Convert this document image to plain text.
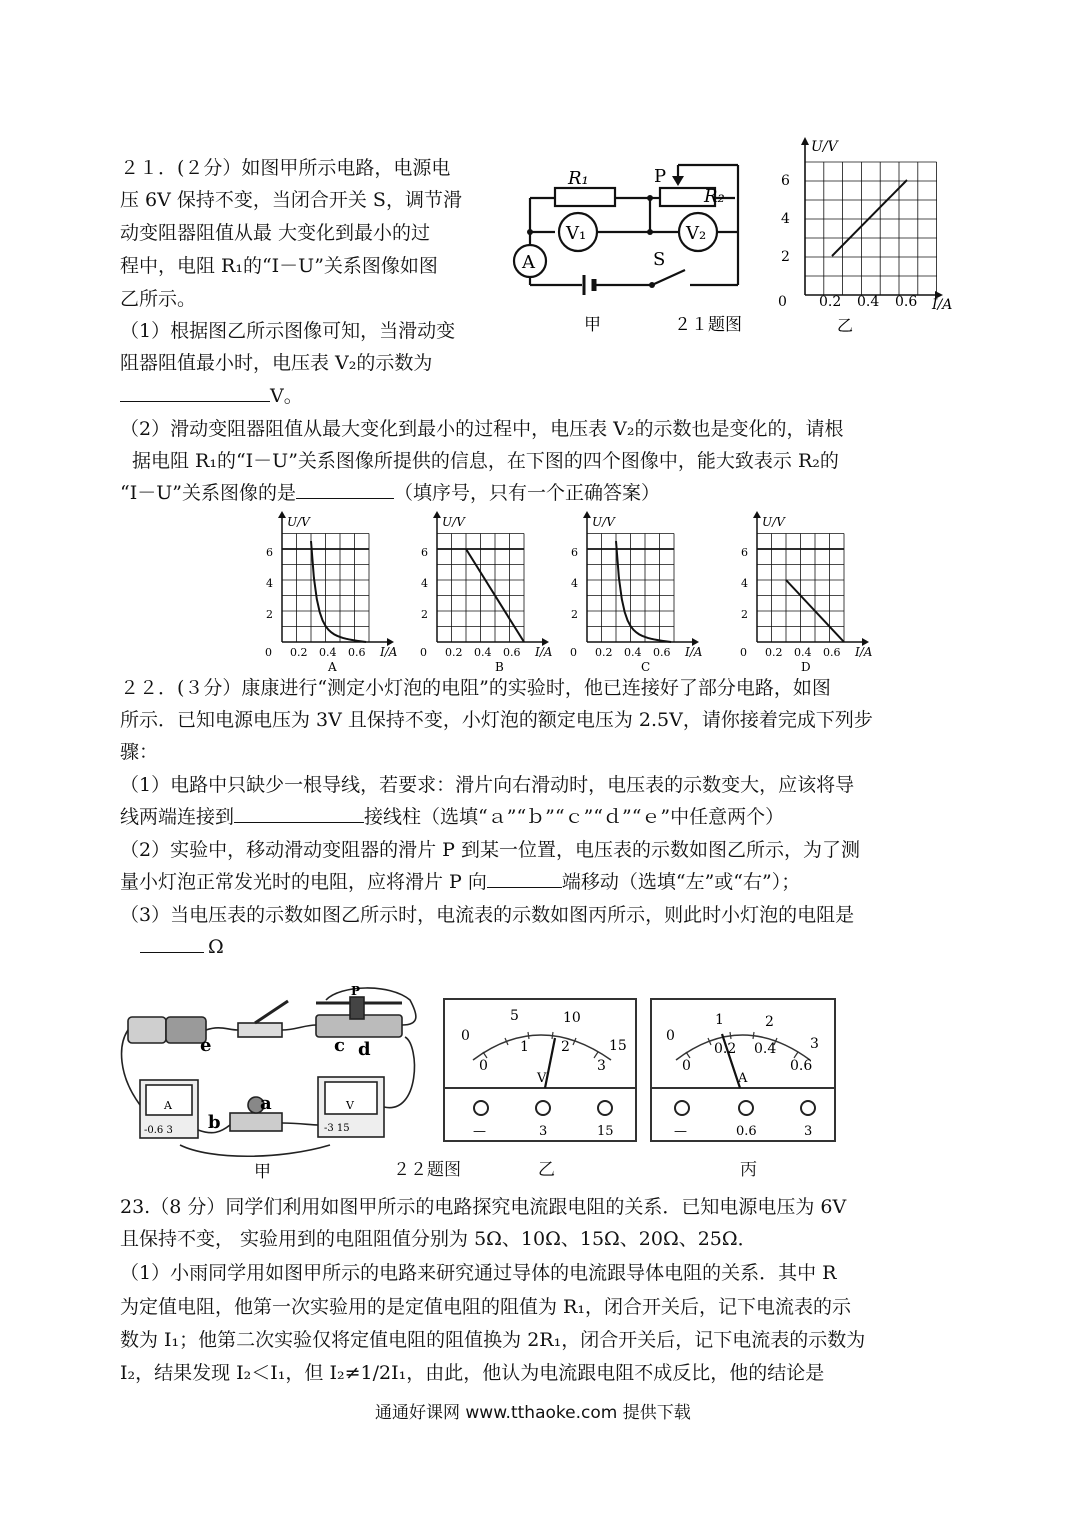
２１．(２分）如图甲所示电路，电源电
压 6V 保持不变，当闭合开关 S，调节滑
动变阻器阻值从最 大变化到最小的过
程中，电阻 R₁的“I－U”关系图像如图
乙所示。
（1）根据图乙所示图像可知，当滑动变
阻器阻值最小时，电压表 V₂的示数为
V。
（2）滑动变阻器阻值从最大变化到最小的过程中，电压表 V₂的示数也是变化的，请根
据电阻 R₁的“I－U”关系图像所提供的信息，在下图的四个图像中，能大致表示 R₂的
“I－U”关系图像的是	（填序号，只有一个正确答案）
A
R₁	P
R₂
V₁	V₂
S
甲	２１题图
U/V
I/A
0 0.2 0.4 0.6
2
4
6
乙
U/V
I/A
0 0.2 0.4 0.6
2
4
6
A
U/V
I/A
0 0.2 0.4 0.6
2
4
6
B
U/V
I/A
0 0.2 0.4 0.6
2
4
6
C
U/V
I/A
0 0.2 0.4 0.6
2
4
6
D
２２．(３分）康康进行“测定小灯泡的电阻”的实验时，他已连接好了部分电路，如图
所示．已知电源电压为 3V 且保持不变，小灯泡的额定电压为 2.5V，请你接着完成下列步
骤：
（1）电路中只缺少一根导线，若要求：滑片向右滑动时，电压表的示数变大，应该将导
线两端连接到	接线柱（选填“ａ”“ｂ”“ｃ”“ｄ”“ｅ”中任意两个）
（2）实验中，移动滑动变阻器的滑片 P 到某一位置，电压表的示数如图乙所示，为了测
量小灯泡正常发光时的电阻，应将滑片 P 向	端移动（选填“左”或“右”）；
（3）当电压表的示数如图乙所示时，电流表的示数如图丙所示，则此时小灯泡的电阻是
Ω
e	c d
b
a
P
A
-0.6 3
V
-3 15
甲	２２题图
0
5	10
15
0
1 2
3
V
—	3	15
乙
0
1	2
3
0
0.2 0.4
0.6
A
—	0.6	3
丙
23.（8 分）同学们利用如图甲所示的电路探究电流跟电阻的关系．已知电源电压为 6V
且保持不变， 实验用到的电阻阻值分别为 5Ω、10Ω、15Ω、20Ω、25Ω．
（1）小雨同学用如图甲所示的电路来研究通过导体的电流跟导体电阻的关系．其中 R
为定值电阻，他第一次实验用的是定值电阻的阻值为 R₁，闭合开关后，记下电流表的示
数为 I₁；他第二次实验仅将定值电阻的阻值换为 2R₁，闭合开关后，记下电流表的示数为
I₂，结果发现 I₂＜I₁，但 I₂≠1/2I₁，由此，他认为电流跟电阻不成反比，他的结论是
通通好课网 www.tthaoke.com 提供下载
